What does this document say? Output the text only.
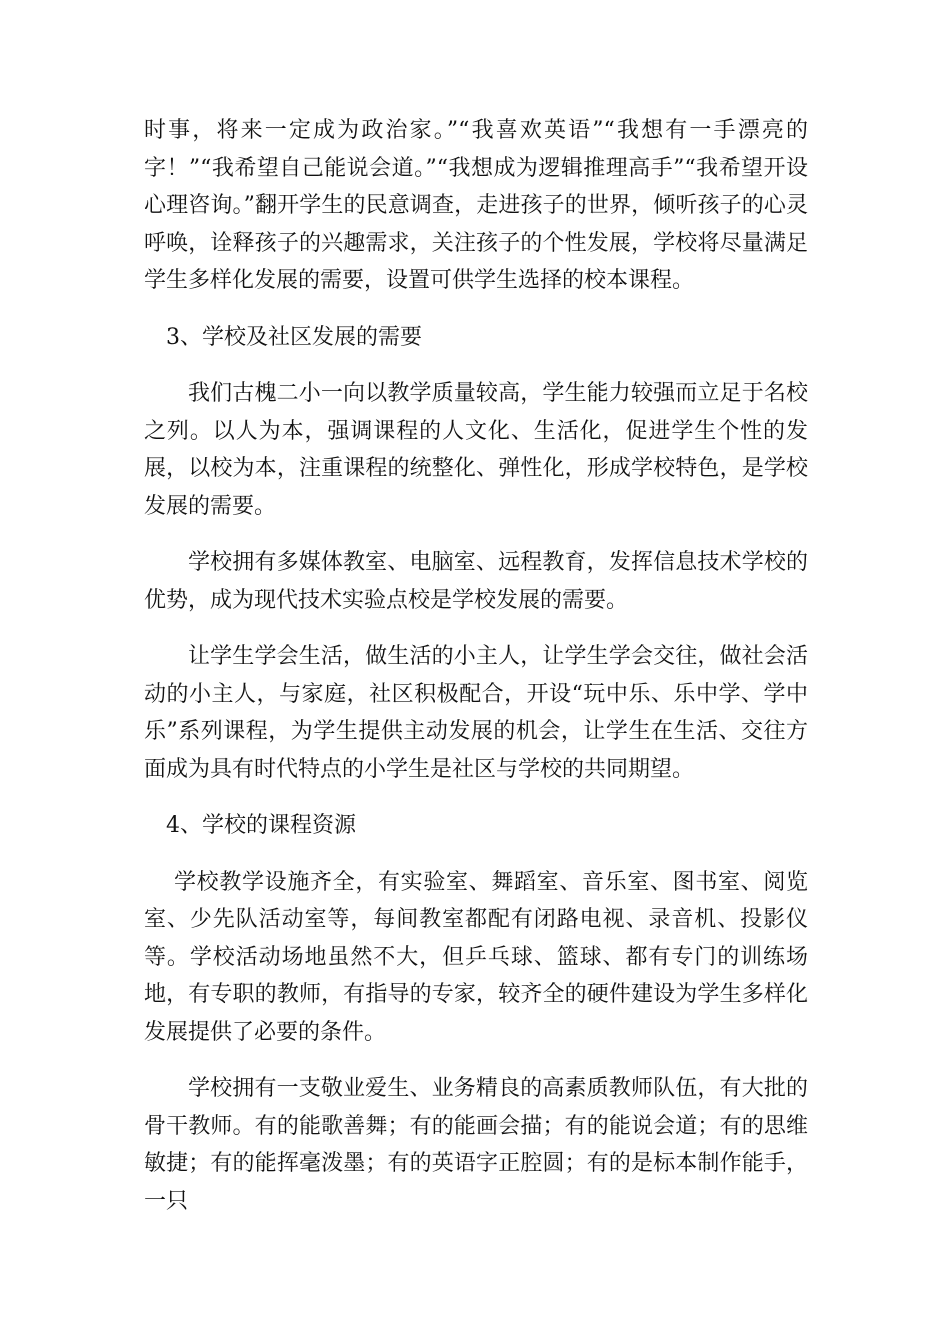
时事，将来一定成为政治家。”“我喜欢英语”“我想有一手漂亮的字！”“我希望自己能说会道。”“我想成为逻辑推理高手”“我希望开设心理咨询。”翻开学生的民意调查，走进孩子的世界，倾听孩子的心灵呼唤，诠释孩子的兴趣需求，关注孩子的个性发展，学校将尽量满足学生多样化发展的需要，设置可供学生选择的校本课程。

3、学校及社区发展的需要

我们古槐二小一向以教学质量较高，学生能力较强而立足于名校之列。以人为本，强调课程的人文化、生活化，促进学生个性的发展，以校为本，注重课程的统整化、弹性化，形成学校特色，是学校发展的需要。

学校拥有多媒体教室、电脑室、远程教育，发挥信息技术学校的优势，成为现代技术实验点校是学校发展的需要。

让学生学会生活，做生活的小主人，让学生学会交往，做社会活动的小主人，与家庭，社区积极配合，开设“玩中乐、乐中学、学中乐”系列课程，为学生提供主动发展的机会，让学生在生活、交往方面成为具有时代特点的小学生是社区与学校的共同期望。

4、学校的课程资源

学校教学设施齐全，有实验室、舞蹈室、音乐室、图书室、阅览室、少先队活动室等，每间教室都配有闭路电视、录音机、投影仪等。学校活动场地虽然不大，但乒乓球、篮球、都有专门的训练场地，有专职的教师，有指导的专家，较齐全的硬件建设为学生多样化发展提供了必要的条件。

学校拥有一支敬业爱生、业务精良的高素质教师队伍，有大批的骨干教师。有的能歌善舞；有的能画会描；有的能说会道；有的思维敏捷；有的能挥毫泼墨；有的英语字正腔圆；有的是标本制作能手，一只
